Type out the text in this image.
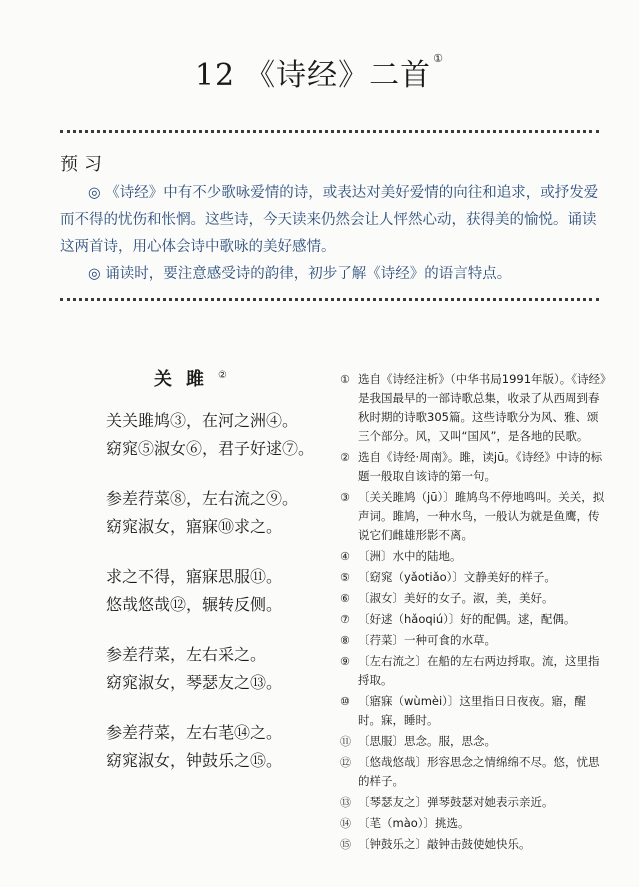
12 《诗经》二首 ①
预习

◎ 《诗经》中有不少歌咏爱情的诗，或表达对美好爱情的向往和追求，或抒发爱而不得的忧伤和怅惘。这些诗，今天读来仍然会让人怦然心动，获得美的愉悦。诵读这两首诗，用心体会诗中歌咏的美好感情。

◎ 诵读时，要注意感受诗的韵律，初步了解《诗经》的语言特点。

关雎②
关关雎鸠③，在河之洲④。
窈窕⑤淑女⑥，君子好逑⑦。
参差荇菜⑧，左右流之⑨。
窈窕淑女，寤寐⑩求之。
求之不得，寤寐思服⑪。
悠哉悠哉⑫，辗转反侧。
参差荇菜，左右采之。
窈窕淑女，琴瑟友之⑬。
参差荇菜，左右芼⑭之。
窈窕淑女，钟鼓乐之⑮。
① 选自《诗经注析》（中华书局1991年版）。《诗经》是我国最早的一部诗歌总集，收录了从西周到春秋时期的诗歌305篇。这些诗歌分为风、雅、颂三个部分。风，又叫“国风”，是各地的民歌。
② 选自《诗经·周南》。雎，读jū。《诗经》中诗的标题一般取自该诗的第一句。
③ 〔关关雎鸠（jū）〕雎鸠鸟不停地鸣叫。关关，拟声词。雎鸠，一种水鸟，一般认为就是鱼鹰，传说它们雌雄形影不离。
④ 〔洲〕水中的陆地。
⑤ 〔窈窕（yǎotiǎo）〕文静美好的样子。
⑥ 〔淑女〕美好的女子。淑，美，美好。
⑦ 〔好逑（hǎoqiú）〕好的配偶。逑，配偶。
⑧ 〔荇菜〕一种可食的水草。
⑨ 〔左右流之〕在船的左右两边捋取。流，这里指捋取。
⑩ 〔寤寐（wùmèi）〕这里指日日夜夜。寤，醒时。寐，睡时。
⑪ 〔思服〕思念。服，思念。
⑫ 〔悠哉悠哉〕形容思念之情绵绵不尽。悠，忧思的样子。
⑬ 〔琴瑟友之〕弹琴鼓瑟对她表示亲近。
⑭ 〔芼（mào）〕挑选。
⑮ 〔钟鼓乐之〕敲钟击鼓使她快乐。
